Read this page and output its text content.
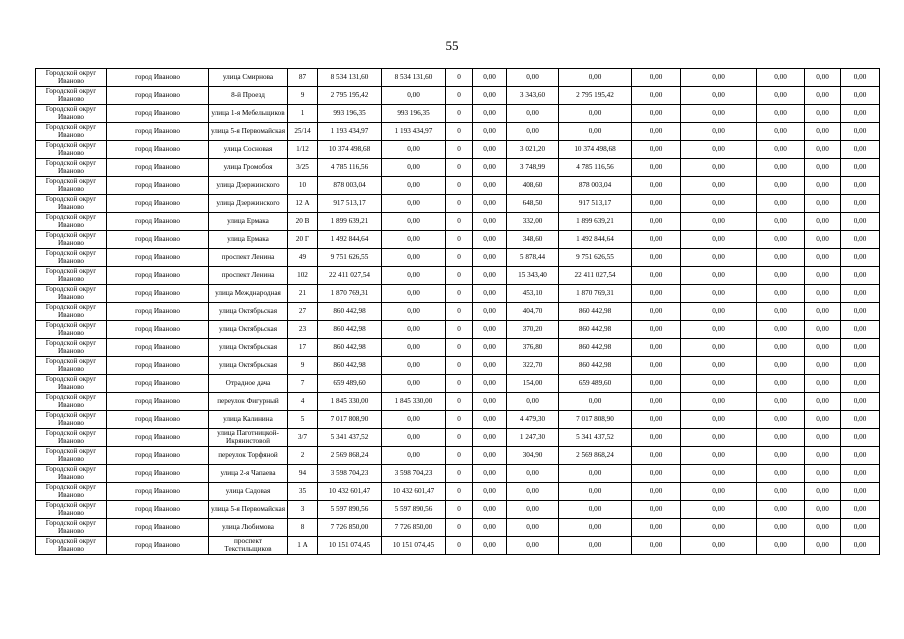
55
Городской округ Иваново	город Иваново	улица Смирнова	87	8 534 131,60	8 534 131,60	0	0,00	0,00	0,00	0,00	0,00	0,00	0,00	0,00
Городской округ Иваново	город Иваново	8-й Проезд	9	2 795 195,42	0,00	0	0,00	3 343,60	2 795 195,42	0,00	0,00	0,00	0,00	0,00
Городской округ Иваново	город Иваново	улица 1-я Мебельщиков	1	993 196,35	993 196,35	0	0,00	0,00	0,00	0,00	0,00	0,00	0,00	0,00
Городской округ Иваново	город Иваново	улица 5-я Первомайская	25/14	1 193 434,97	1 193 434,97	0	0,00	0,00	0,00	0,00	0,00	0,00	0,00	0,00
Городской округ Иваново	город Иваново	улица Сосновая	1/12	10 374 498,68	0,00	0	0,00	3 021,20	10 374 498,68	0,00	0,00	0,00	0,00	0,00
Городской округ Иваново	город Иваново	улица Громобоя	3/25	4 785 116,56	0,00	0	0,00	3 748,99	4 785 116,56	0,00	0,00	0,00	0,00	0,00
Городской округ Иваново	город Иваново	улица Дзержинского	10	878 003,04	0,00	0	0,00	408,60	878 003,04	0,00	0,00	0,00	0,00	0,00
Городской округ Иваново	город Иваново	улица Дзержинского	12 А	917 513,17	0,00	0	0,00	648,50	917 513,17	0,00	0,00	0,00	0,00	0,00
Городской округ Иваново	город Иваново	улица Ермака	20 В	1 899 639,21	0,00	0	0,00	332,00	1 899 639,21	0,00	0,00	0,00	0,00	0,00
Городской округ Иваново	город Иваново	улица Ермака	20 Г	1 492 844,64	0,00	0	0,00	348,60	1 492 844,64	0,00	0,00	0,00	0,00	0,00
Городской округ Иваново	город Иваново	проспект Ленина	49	9 751 626,55	0,00	0	0,00	5 878,44	9 751 626,55	0,00	0,00	0,00	0,00	0,00
Городской округ Иваново	город Иваново	проспект Ленина	102	22 411 027,54	0,00	0	0,00	15 343,40	22 411 027,54	0,00	0,00	0,00	0,00	0,00
Городской округ Иваново	город Иваново	улица Межднародная	21	1 870 769,31	0,00	0	0,00	453,10	1 870 769,31	0,00	0,00	0,00	0,00	0,00
Городской округ Иваново	город Иваново	улица Октябрьская	27	860 442,98	0,00	0	0,00	404,70	860 442,98	0,00	0,00	0,00	0,00	0,00
Городской округ Иваново	город Иваново	улица Октябрьская	23	860 442,98	0,00	0	0,00	370,20	860 442,98	0,00	0,00	0,00	0,00	0,00
Городской округ Иваново	город Иваново	улица Октябрьская	17	860 442,98	0,00	0	0,00	376,80	860 442,98	0,00	0,00	0,00	0,00	0,00
Городской округ Иваново	город Иваново	улица Октябрьская	9	860 442,98	0,00	0	0,00	322,70	860 442,98	0,00	0,00	0,00	0,00	0,00
Городской округ Иваново	город Иваново	Отрадное дача	7	659 489,60	0,00	0	0,00	154,00	659 489,60	0,00	0,00	0,00	0,00	0,00
Городской округ Иваново	город Иваново	переулок Фигурный	4	1 845 330,00	1 845 330,00	0	0,00	0,00	0,00	0,00	0,00	0,00	0,00	0,00
Городской округ Иваново	город Иваново	улица Калинина	5	7 017 808,90	0,00	0	0,00	4 479,30	7 017 808,90	0,00	0,00	0,00	0,00	0,00
Городской округ Иваново	город Иваново	улица Паготницкой-Икрянистовой	3/7	5 341 437,52	0,00	0	0,00	1 247,30	5 341 437,52	0,00	0,00	0,00	0,00	0,00
Городской округ Иваново	город Иваново	переулок Торфяной	2	2 569 868,24	0,00	0	0,00	304,90	2 569 868,24	0,00	0,00	0,00	0,00	0,00
Городской округ Иваново	город Иваново	улица 2-я Чапаева	94	3 598 704,23	3 598 704,23	0	0,00	0,00	0,00	0,00	0,00	0,00	0,00	0,00
Городской округ Иваново	город Иваново	улица Садовая	35	10 432 601,47	10 432 601,47	0	0,00	0,00	0,00	0,00	0,00	0,00	0,00	0,00
Городской округ Иваново	город Иваново	улица 5-я Первомайская	3	5 597 890,56	5 597 890,56	0	0,00	0,00	0,00	0,00	0,00	0,00	0,00	0,00
Городской округ Иваново	город Иваново	улица Любимова	8	7 726 850,00	7 726 850,00	0	0,00	0,00	0,00	0,00	0,00	0,00	0,00	0,00
Городской округ Иваново	город Иваново	проспект Текстильщиков	1 А	10 151 074,45	10 151 074,45	0	0,00	0,00	0,00	0,00	0,00	0,00	0,00	0,00
